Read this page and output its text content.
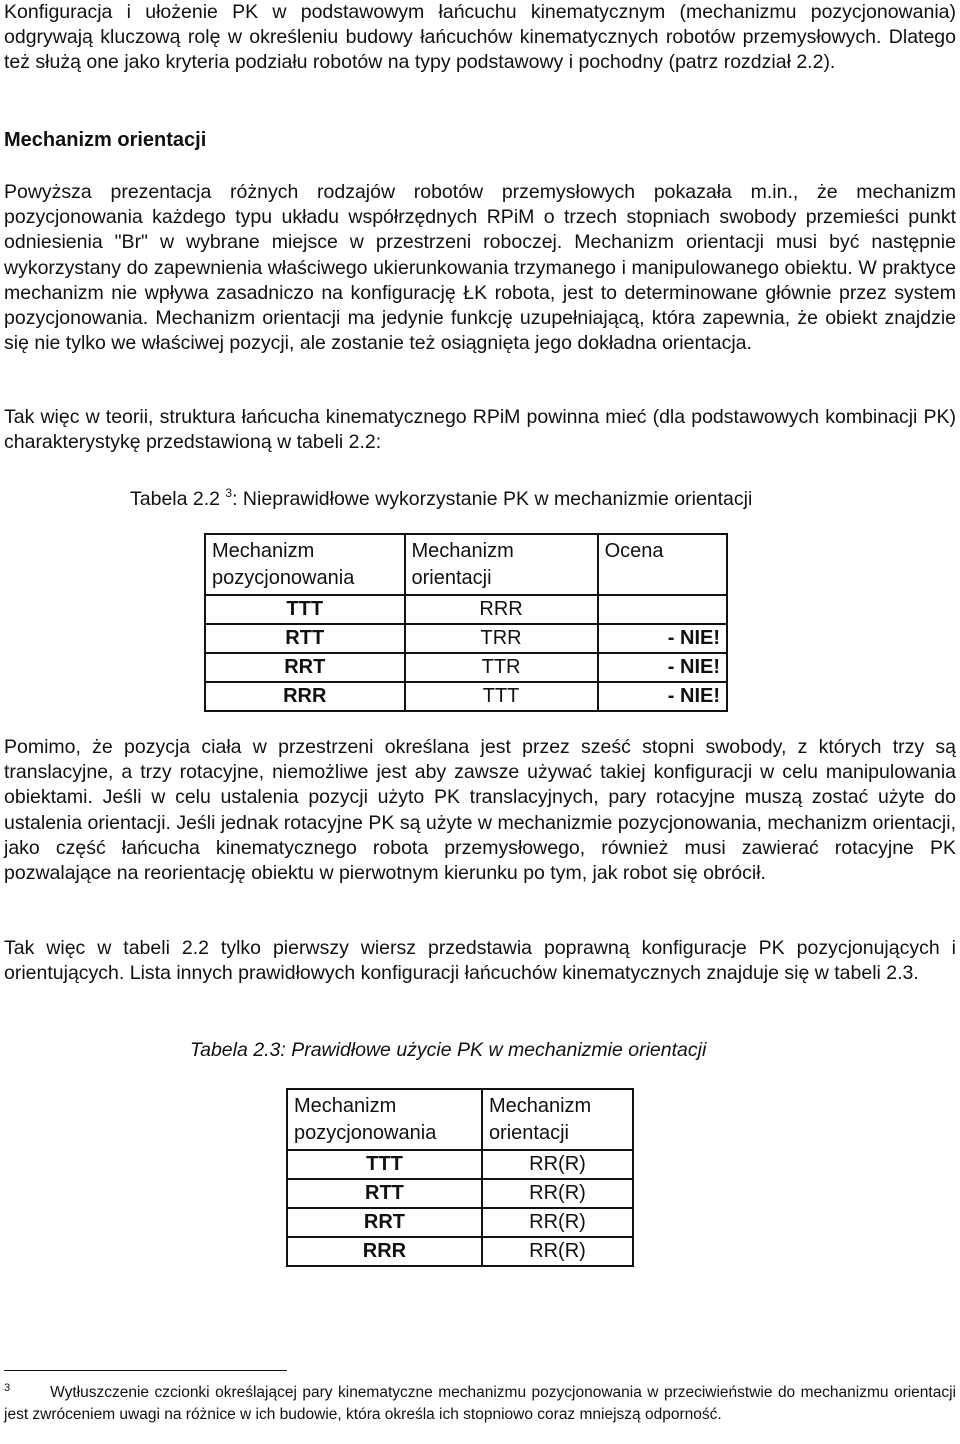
Konfiguracja i ułożenie PK w podstawowym łańcuchu kinematycznym (mechanizmu pozycjonowania) odgrywają kluczową rolę w określeniu budowy łańcuchów kinematycznych robotów przemysłowych. Dlatego też służą one jako kryteria podziału robotów na typy podstawowy i pochodny (patrz rozdział 2.2).

Mechanizm orientacji

Powyższa prezentacja różnych rodzajów robotów przemysłowych pokazała m.in., że mechanizm pozycjonowania każdego typu układu współrzędnych RPiM o trzech stopniach swobody przemieści punkt odniesienia "Br" w wybrane miejsce w przestrzeni roboczej. Mechanizm orientacji musi być następnie wykorzystany do zapewnienia właściwego ukierunkowania trzymanego i manipulowanego obiektu. W praktyce mechanizm nie wpływa zasadniczo na konfigurację ŁK robota, jest to determinowane głównie przez system pozycjonowania. Mechanizm orientacji ma jedynie funkcję uzupełniającą, która zapewnia, że obiekt znajdzie się nie tylko we właściwej pozycji, ale zostanie też osiągnięta jego dokładna orientacja.

Tak więc w teorii, struktura łańcucha kinematycznego RPiM powinna mieć (dla podstawowych kombinacji PK) charakterystykę przedstawioną w tabeli 2.2:

Tabela 2.2 $^3$: Nieprawidłowe wykorzystanie PK w mechanizmie orientacji

Mechanizm pozycjonowania	Mechanizm orientacji	Ocena
TTT	RRR	
RTT	TRR	- NIE!
RRT	TTR	- NIE!
RRR	TTT	- NIE!

Pomimo, że pozycja ciała w przestrzeni określana jest przez sześć stopni swobody, z których trzy są translacyjne, a trzy rotacyjne, niemożliwe jest aby zawsze używać takiej konfiguracji w celu manipulowania obiektami. Jeśli w celu ustalenia pozycji użyto PK translacyjnych, pary rotacyjne muszą zostać użyte do ustalenia orientacji. Jeśli jednak rotacyjne PK są użyte w mechanizmie pozycjonowania, mechanizm orientacji, jako część łańcucha kinematycznego robota przemysłowego, również musi zawierać rotacyjne PK pozwalające na reorientację obiektu w pierwotnym kierunku po tym, jak robot się obrócił.

Tak więc w tabeli 2.2 tylko pierwszy wiersz przedstawia poprawną konfiguracje PK pozycjonujących i orientujących. Lista innych prawidłowych konfiguracji łańcuchów kinematycznych znajduje się w tabeli 2.3.

Tabela 2.3: Prawidłowe użycie PK w mechanizmie orientacji

Mechanizm pozycjonowania	Mechanizm orientacji
TTT	RR(R)
RTT	RR(R)
RRT	RR(R)
RRR	RR(R)

$^3$	Wytłuszczenie czcionki określającej pary kinematyczne mechanizmu pozycjonowania w przeciwieństwie do mechanizmu orientacji jest zwróceniem uwagi na różnice w ich budowie, która określa ich stopniowo coraz mniejszą odporność.
